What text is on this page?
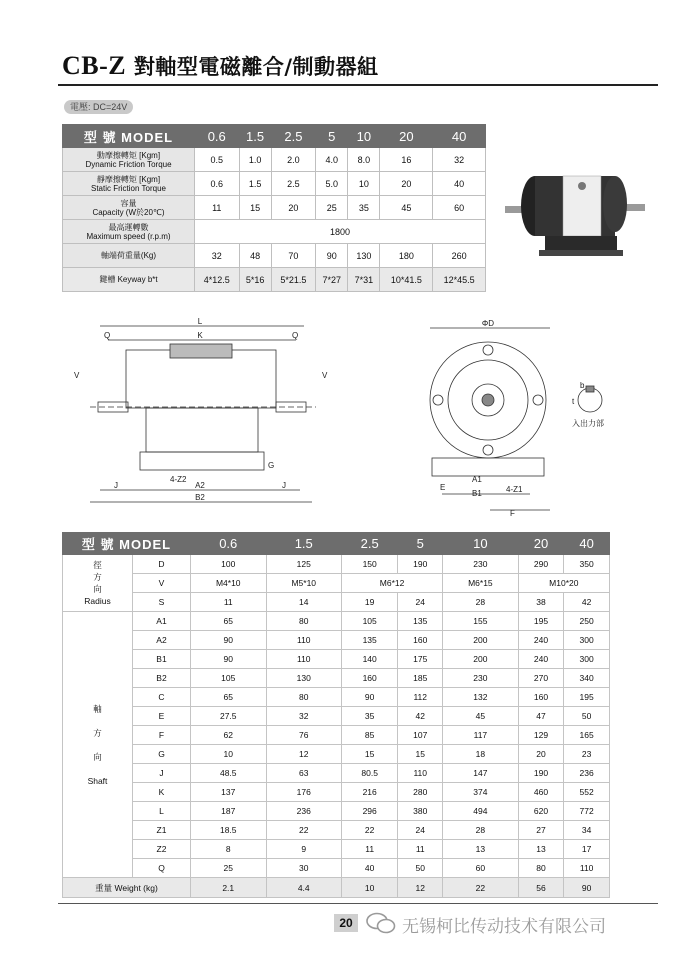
CB-Z 對軸型電磁離合/制動器組
電壓: DC=24V
型 號 MODEL	0.6	1.5	2.5	5	10	20	40
動摩擦轉矩 [Kgm]
Dynamic Friction Torque	0.5	1.0	2.0	4.0	8.0	16	32
靜摩擦轉矩 [Kgm]
Static Friction Torque	0.6	1.5	2.5	5.0	10	20	40
容量
Capacity (W於20℃)	11	15	20	25	35	45	60
最高運轉數
Maximum speed (r.p.m)	1800						
軸端荷重量(Kg)	32	48	70	90	130	180	260
鍵槽 Keyway b*t	4*12.5	5*16	5*21.5	7*27	7*31	10*41.5	12*45.5
L
K
Q	Q
V	V
G
J	J
4-Z2
A2
B2
ΦD
A1
B1
E
F
4-Z1
b
t
入出力部
型 號 MODEL		0.6	1.5	2.5	5	10	20	40
徑
方
向
Radius	D	100	125	150	190	230	290	350
	V	M4*10	M5*10	M6*12		M6*15	M10*20	
	S	11	14	19	24	28	38	42
軸

方

向

Shaft	A1	65	80	105	135	155	195	250
	A2	90	110	135	160	200	240	300
	B1	90	110	140	175	200	240	300
	B2	105	130	160	185	230	270	340
	C	65	80	90	112	132	160	195
	E	27.5	32	35	42	45	47	50
	F	62	76	85	107	117	129	165
	G	10	12	15	15	18	20	23
	J	48.5	63	80.5	110	147	190	236
	K	137	176	216	280	374	460	552
	L	187	236	296	380	494	620	772
	Z1	18.5	22	22	24	28	27	34
	Z2	8	9	11	11	13	13	17
	Q	25	30	40	50	60	80	110
重量 Weight (kg)		2.1	4.4	10	12	22	56	90
20	无锡柯比传动技术有限公司
